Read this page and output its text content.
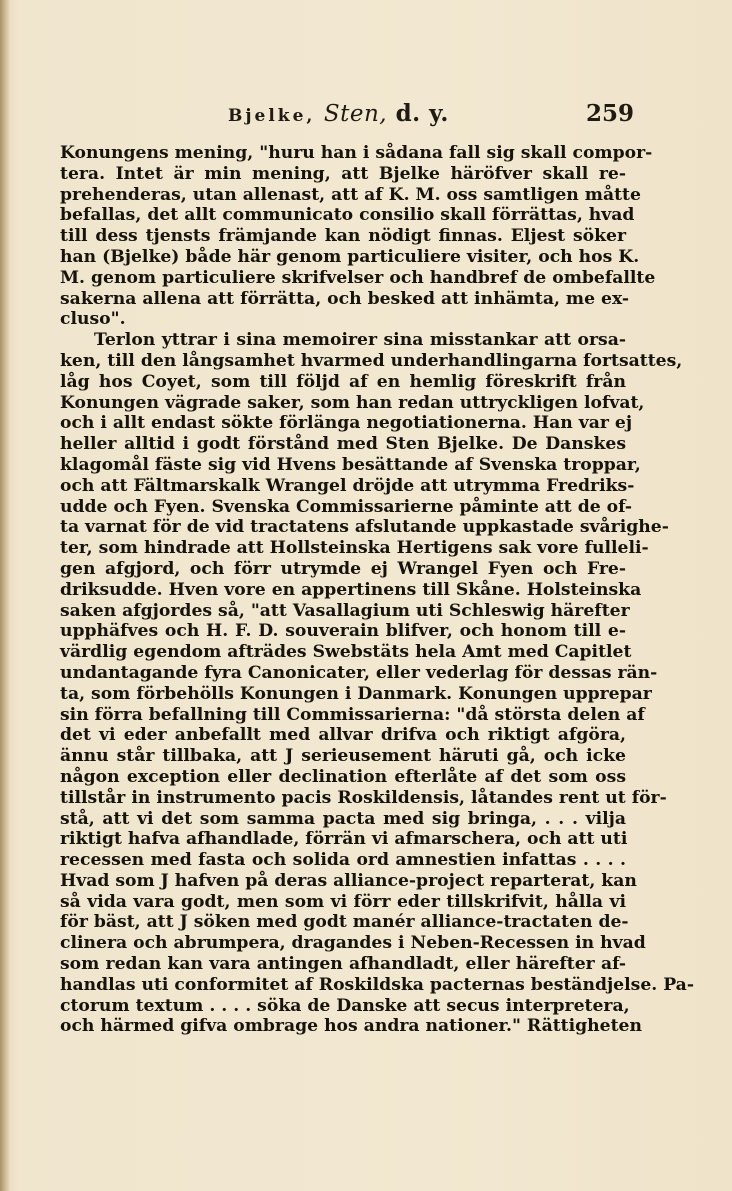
Bjelke, Sten, d. y.	259
Konungens mening, "huru han i sådana fall sig skall compor-
tera. Intet är min mening, att Bjelke häröfver skall re-
prehenderas, utan allenast, att af K. M. oss samtligen måtte
befallas, det allt communicato consilio skall förrättas, hvad
till dess tjensts främjande kan nödigt finnas. Eljest söker
han (Bjelke) både här genom particuliere visiter, och hos K.
M. genom particuliere skrifvelser och handbref de ombefallte
sakerna allena att förrätta, och besked att inhämta, me ex-
cluso".
Terlon yttrar i sina memoirer sina misstankar att orsa-
ken, till den långsamhet hvarmed underhandlingarna fortsattes,
låg hos Coyet, som till följd af en hemlig föreskrift från
Konungen vägrade saker, som han redan uttryckligen lofvat,
och i allt endast sökte förlänga negotiationerna. Han var ej
heller alltid i godt förstånd med Sten Bjelke. De Danskes
klagomål fäste sig vid Hvens besättande af Svenska troppar,
och att Fältmarskalk Wrangel dröjde att utrymma Fredriks-
udde och Fyen. Svenska Commissarierne påminte att de of-
ta varnat för de vid tractatens afslutande uppkastade svårighe-
ter, som hindrade att Hollsteinska Hertigens sak vore fulleli-
gen afgjord, och förr utrymde ej Wrangel Fyen och Fre-
driksudde. Hven vore en appertinens till Skåne. Holsteinska
saken afgjordes så, "att Vasallagium uti Schleswig härefter
upphäfves och H. F. D. souverain blifver, och honom till e-
värdlig egendom afträdes Swebstäts hela Amt med Capitlet
undantagande fyra Canonicater, eller vederlag för dessas rän-
ta, som förbehölls Konungen i Danmark. Konungen upprepar
sin förra befallning till Commissarierna: "då största delen af
det vi eder anbefallt med allvar drifva och riktigt afgöra,
ännu står tillbaka, att J serieusement häruti gå, och icke
någon exception eller declination efterlåte af det som oss
tillstår in instrumento pacis Roskildensis, låtandes rent ut för-
stå, att vi det som samma pacta med sig bringa, . . . vilja
riktigt hafva afhandlade, förrän vi afmarschera, och att uti
recessen med fasta och solida ord amnestien infattas . . . .
Hvad som J hafven på deras alliance-project reparterat, kan
så vida vara godt, men som vi förr eder tillskrifvit, hålla vi
för bäst, att J söken med godt manér alliance-tractaten de-
clinera och abrumpera, dragandes i Neben-Recessen in hvad
som redan kan vara antingen afhandladt, eller härefter af-
handlas uti conformitet af Roskildska pacternas beständjelse. Pa-
ctorum textum . . . . söka de Danske att secus interpretera,
och härmed gifva ombrage hos andra nationer." Rättigheten
